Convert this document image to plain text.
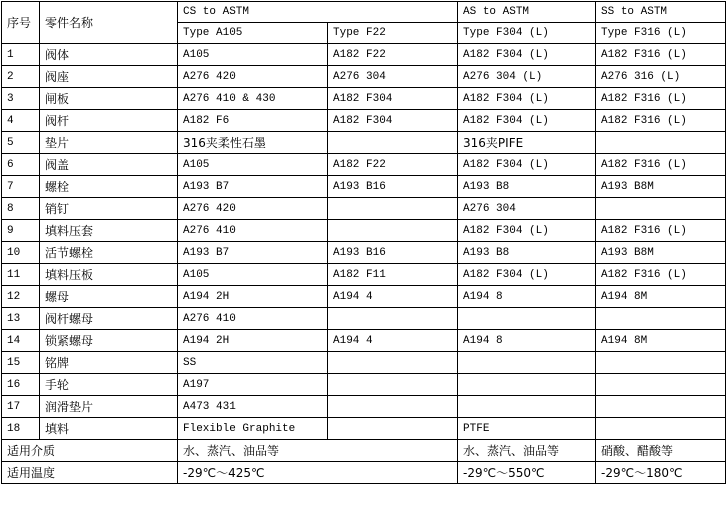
序号	零件名称	CS to ASTM		AS to ASTM	SS to ASTM
		Type A105	Type F22	Type F304 (L)	Type F316 (L)
1	阀体	A105	A182 F22	A182 F304 (L)	A182 F316 (L)
2	阀座	A276 420	A276 304	A276 304 (L)	A276 316 (L)
3	闸板	A276 410 & 430	A182 F304	A182 F304 (L)	A182 F316 (L)
4	阀杆	A182 F6	A182 F304	A182 F304 (L)	A182 F316 (L)
5	垫片	316夹柔性石墨		316夹PIFE	
6	阀盖	A105	A182 F22	A182 F304 (L)	A182 F316 (L)
7	螺栓	A193 B7	A193 B16	A193 B8	A193 B8M
8	销钉	A276 420		A276 304	
9	填料压套	A276 410		A182 F304 (L)	A182 F316 (L)
10	活节螺栓	A193 B7	A193 B16	A193 B8	A193 B8M
11	填料压板	A105	A182 F11	A182 F304 (L)	A182 F316 (L)
12	螺母	A194 2H	A194 4	A194 8	A194 8M
13	阀杆螺母	A276 410			
14	锁紧螺母	A194 2H	A194 4	A194 8	A194 8M
15	铭牌	SS			
16	手轮	A197			
17	润滑垫片	A473 431			
18	填料	Flexible Graphite		PTFE	
适用介质		水、蒸汽、油品等		水、蒸汽、油品等	硝酸、醋酸等
适用温度		-29℃～425℃		-29℃～550℃	-29℃～180℃
